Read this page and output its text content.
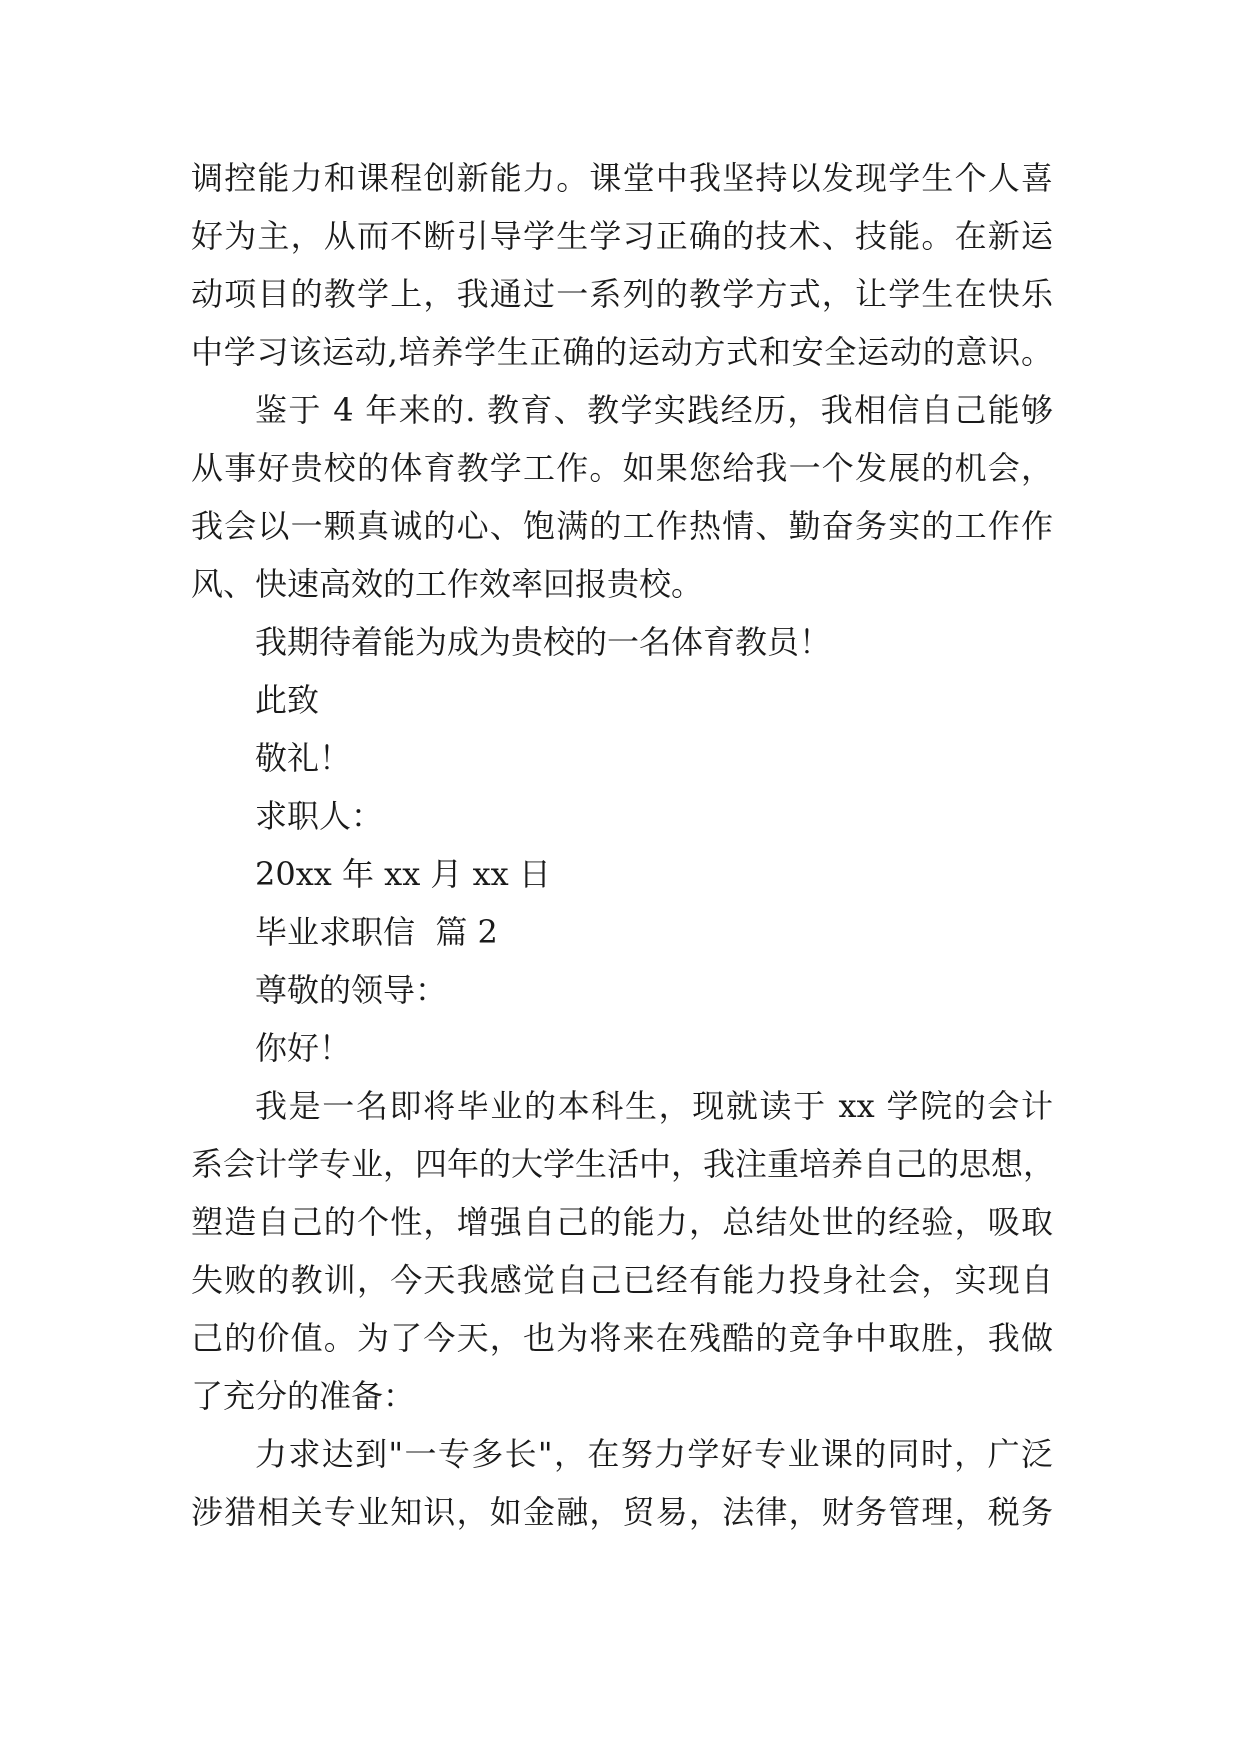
调控能力和课程创新能力。课堂中我坚持以发现学生个人喜
好为主，从而不断引导学生学习正确的技术、技能。在新运
动项目的教学上，我通过一系列的教学方式，让学生在快乐
中学习该运动,培养学生正确的运动方式和安全运动的意识。
鉴于 4 年来的. 教育、教学实践经历，我相信自己能够
从事好贵校的体育教学工作。如果您给我一个发展的机会，
我会以一颗真诚的心、饱满的工作热情、勤奋务实的工作作
风、快速高效的工作效率回报贵校。
我期待着能为成为贵校的一名体育教员！
此致
敬礼！
求职人：
20xx 年 xx 月 xx 日
毕业求职信  篇 2
尊敬的领导：
你好！
我是一名即将毕业的本科生，现就读于 xx 学院的会计
系会计学专业，四年的大学生活中，我注重培养自己的思想，
塑造自己的个性，增强自己的能力，总结处世的经验，吸取
失败的教训，今天我感觉自己已经有能力投身社会，实现自
己的价值。为了今天，也为将来在残酷的竞争中取胜，我做
了充分的准备：
力求达到"一专多长"，在努力学好专业课的同时，广泛
涉猎相关专业知识，如金融，贸易，法律，财务管理，税务
